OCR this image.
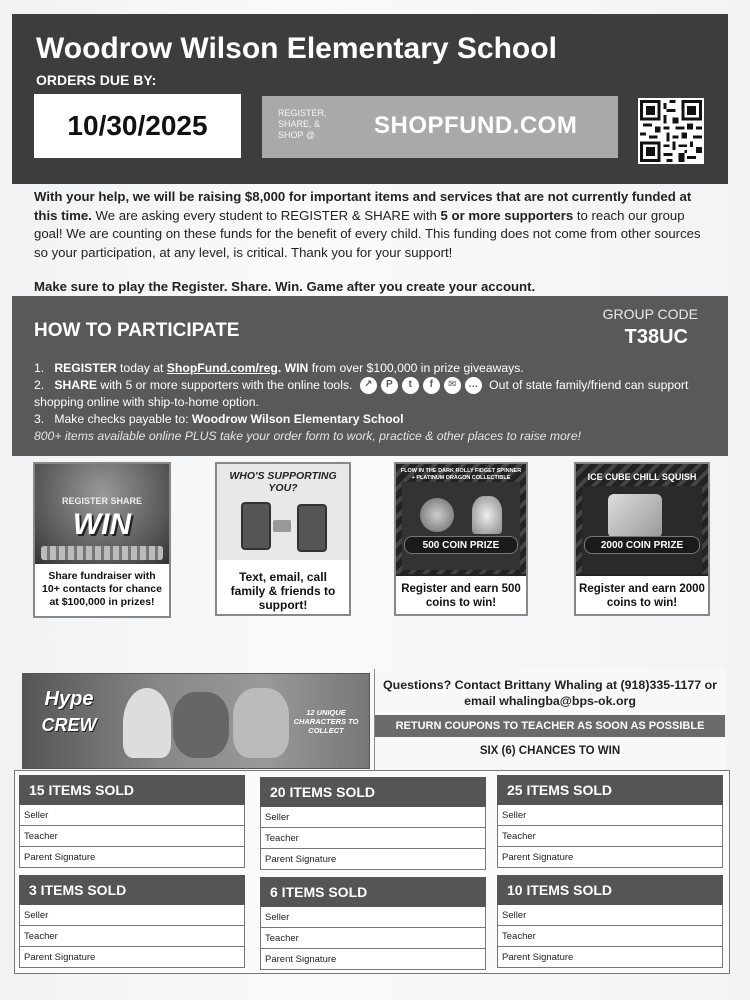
Woodrow Wilson Elementary School
ORDERS DUE BY:
10/30/2025	REGISTER,
SHARE, &
SHOP @	SHOPFUND.COM
With your help, we will be raising $8,000 for important items and services that are not currently funded at this time. We are asking every student to REGISTER & SHARE with 5 or more supporters to reach our group goal! We are counting on these funds for the benefit of every child. This funding does not come from other sources so your participation, at any level, is critical. Thank you for your support!
Make sure to play the Register. Share. Win. Game after you create your account.
HOW TO PARTICIPATE
GROUP CODE
T38UC
1. REGISTER today at ShopFund.com/reg. WIN from over $100,000 in prize giveaways.
2. SHARE with 5 or more supporters with the online tools.	↗	P	t	f	✉	… Out of state family/friend can support shopping online with ship-to-home option.
3. Make checks payable to: Woodrow Wilson Elementary School
800+ items available online PLUS take your order form to work, practice & other places to raise more!
REGISTER SHARE
WIN
Share fundraiser with 10+ contacts for chance at $100,000 in prizes!
WHO'S SUPPORTING YOU?
Text, email, call family & friends to support!
FLOW IN THE DARK ROLLY FIDGET SPINNER + PLATINUM DRAGON COLLECTIBLE
500 COIN PRIZE
Register and earn 500 coins to win!
ICE CUBE CHILL SQUISH
2000 COIN PRIZE
Register and earn 2000 coins to win!
Hype
CREW
12 UNIQUE CHARACTERS TO COLLECT
Questions? Contact Brittany Whaling at (918)335-1177 or email whalingba@bps-ok.org
RETURN COUPONS TO TEACHER AS SOON AS POSSIBLE
SIX (6) CHANCES TO WIN
15 ITEMS SOLD
Seller
Teacher
Parent Signature
20 ITEMS SOLD
Seller
Teacher
Parent Signature
25 ITEMS SOLD
Seller
Teacher
Parent Signature
3 ITEMS SOLD
Seller
Teacher
Parent Signature
6 ITEMS SOLD
Seller
Teacher
Parent Signature
10 ITEMS SOLD
Seller
Teacher
Parent Signature
